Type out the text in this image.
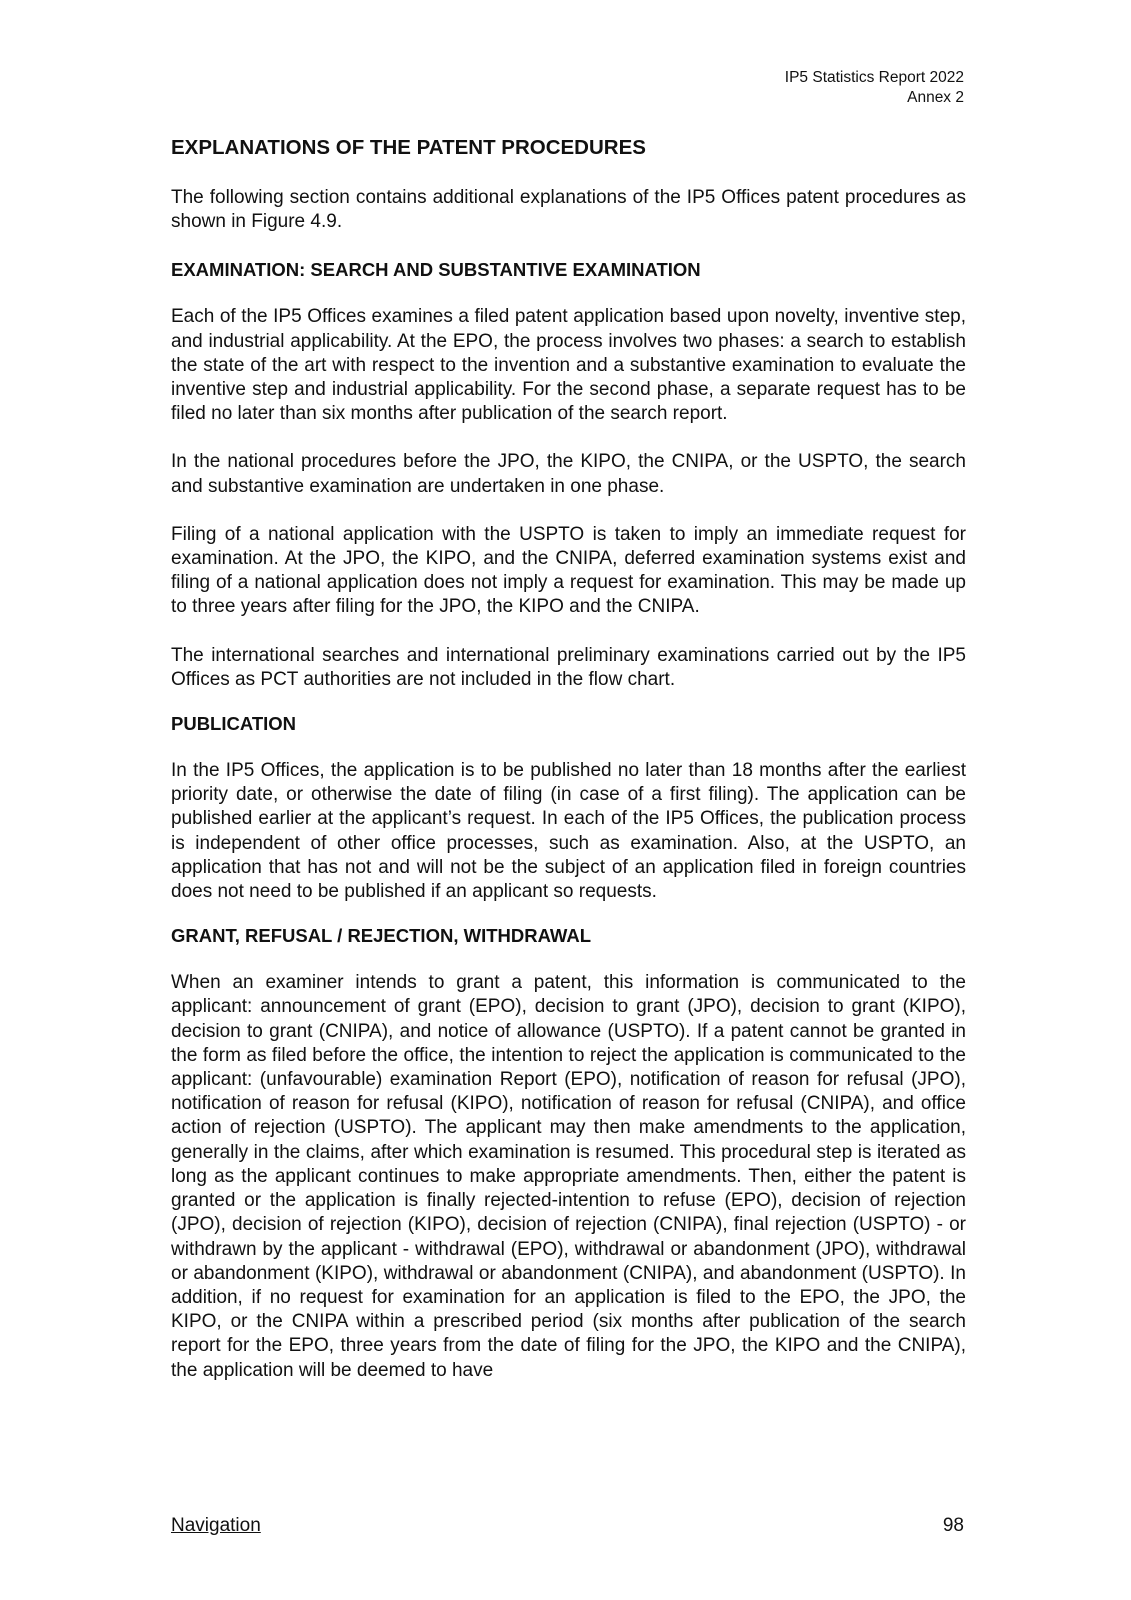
IP5 Statistics Report 2022
Annex 2
EXPLANATIONS OF THE PATENT PROCEDURES

The following section contains additional explanations of the IP5 Offices patent procedures as shown in Figure 4.9.

EXAMINATION: SEARCH AND SUBSTANTIVE EXAMINATION

Each of the IP5 Offices examines a filed patent application based upon novelty, inventive step, and industrial applicability. At the EPO, the process involves two phases: a search to establish the state of the art with respect to the invention and a substantive examination to evaluate the inventive step and industrial applicability. For the second phase, a separate request has to be filed no later than six months after publication of the search report.

In the national procedures before the JPO, the KIPO, the CNIPA, or the USPTO, the search and substantive examination are undertaken in one phase.

Filing of a national application with the USPTO is taken to imply an immediate request for examination. At the JPO, the KIPO, and the CNIPA, deferred examination systems exist and filing of a national application does not imply a request for examination. This may be made up to three years after filing for the JPO, the KIPO and the CNIPA.

The international searches and international preliminary examinations carried out by the IP5 Offices as PCT authorities are not included in the flow chart.

PUBLICATION

In the IP5 Offices, the application is to be published no later than 18 months after the earliest priority date, or otherwise the date of filing (in case of a first filing). The application can be published earlier at the applicant’s request. In each of the IP5 Offices, the publication process is independent of other office processes, such as examination. Also, at the USPTO, an application that has not and will not be the subject of an application filed in foreign countries does not need to be published if an applicant so requests.

GRANT, REFUSAL / REJECTION, WITHDRAWAL

When an examiner intends to grant a patent, this information is communicated to the applicant: announcement of grant (EPO), decision to grant (JPO), decision to grant (KIPO), decision to grant (CNIPA), and notice of allowance (USPTO). If a patent cannot be granted in the form as filed before the office, the intention to reject the application is communicated to the applicant: (unfavourable) examination Report (EPO), notification of reason for refusal (JPO), notification of reason for refusal (KIPO), notification of reason for refusal (CNIPA), and office action of rejection (USPTO). The applicant may then make amendments to the application, generally in the claims, after which examination is resumed. This procedural step is iterated as long as the applicant continues to make appropriate amendments. Then, either the patent is granted or the application is finally rejected-intention to refuse (EPO), decision of rejection (JPO), decision of rejection (KIPO), decision of rejection (CNIPA), final rejection (USPTO) - or withdrawn by the applicant - withdrawal (EPO), withdrawal or abandonment (JPO), withdrawal or abandonment (KIPO), withdrawal or abandonment (CNIPA), and abandonment (USPTO). In addition, if no request for examination for an application is filed to the EPO, the JPO, the KIPO, or the CNIPA within a prescribed period (six months after publication of the search report for the EPO, three years from the date of filing for the JPO, the KIPO and the CNIPA), the application will be deemed to have

Navigation	98
